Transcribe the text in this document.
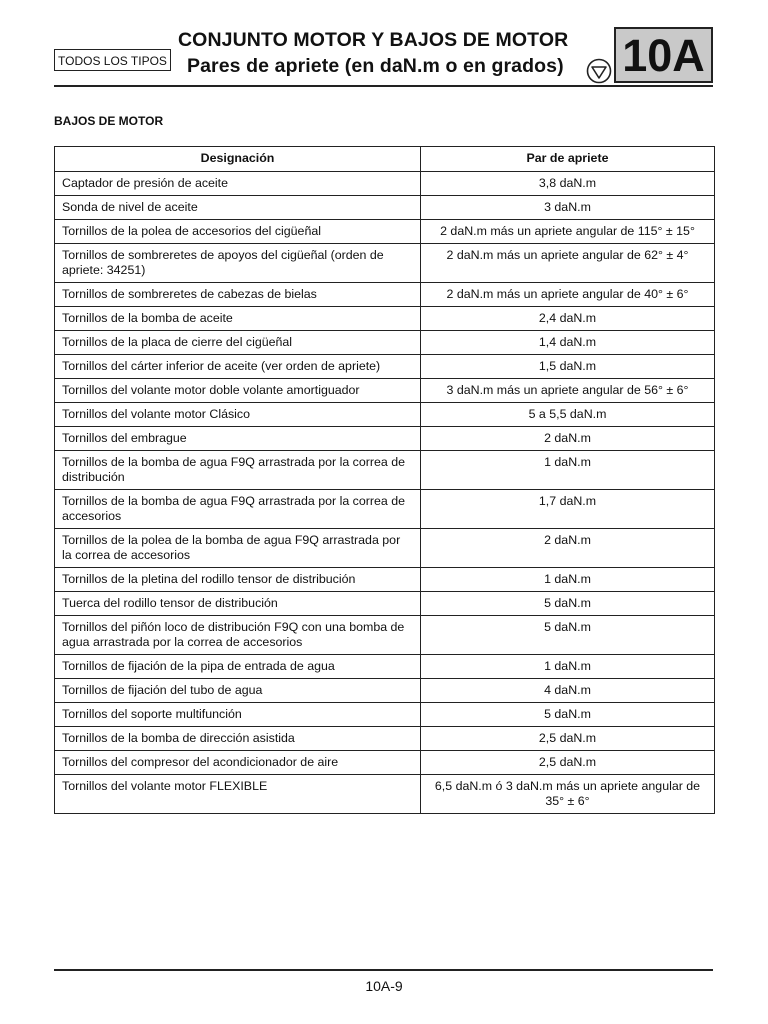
TODOS LOS TIPOS
CONJUNTO MOTOR Y BAJOS DE MOTOR
Pares de apriete (en daN.m o en grados) 10A
BAJOS DE MOTOR
Designación	Par de apriete
Captador de presión de aceite	3,8 daN.m
Sonda de nivel de aceite	3 daN.m
Tornillos de la polea de accesorios del cigüeñal	2 daN.m más un apriete angular de 115° ± 15°
Tornillos de sombreretes de apoyos del cigüeñal (orden de apriete: 34251)	2 daN.m más un apriete angular de 62° ± 4°
Tornillos de sombreretes de cabezas de bielas	2 daN.m más un apriete angular de 40° ± 6°
Tornillos de la bomba de aceite	2,4 daN.m
Tornillos de la placa de cierre del cigüeñal	1,4 daN.m
Tornillos del cárter inferior de aceite (ver orden de apriete)	1,5 daN.m
Tornillos del volante motor doble volante amortiguador	3 daN.m más un apriete angular de 56° ± 6°
Tornillos del volante motor Clásico	5 a 5,5 daN.m
Tornillos del embrague	2 daN.m
Tornillos de la bomba de agua F9Q arrastrada por la correa de distribución	1 daN.m
Tornillos de la bomba de agua F9Q arrastrada por la correa de accesorios	1,7 daN.m
Tornillos de la polea de la bomba de agua F9Q arrastrada por la correa de accesorios	2 daN.m
Tornillos de la pletina del rodillo tensor de distribución	1 daN.m
Tuerca del rodillo tensor de distribución	5 daN.m
Tornillos del piñón loco de distribución F9Q con una bomba de agua arrastrada por la correa de accesorios	5 daN.m
Tornillos de fijación de la pipa de entrada de agua	1 daN.m
Tornillos de fijación del tubo de agua	4 daN.m
Tornillos del soporte multifunción	5 daN.m
Tornillos de la bomba de dirección asistida	2,5 daN.m
Tornillos del compresor del acondicionador de aire	2,5 daN.m
Tornillos del volante motor FLEXIBLE	6,5 daN.m ó 3 daN.m más un apriete angular de 35° ± 6°
10A-9
